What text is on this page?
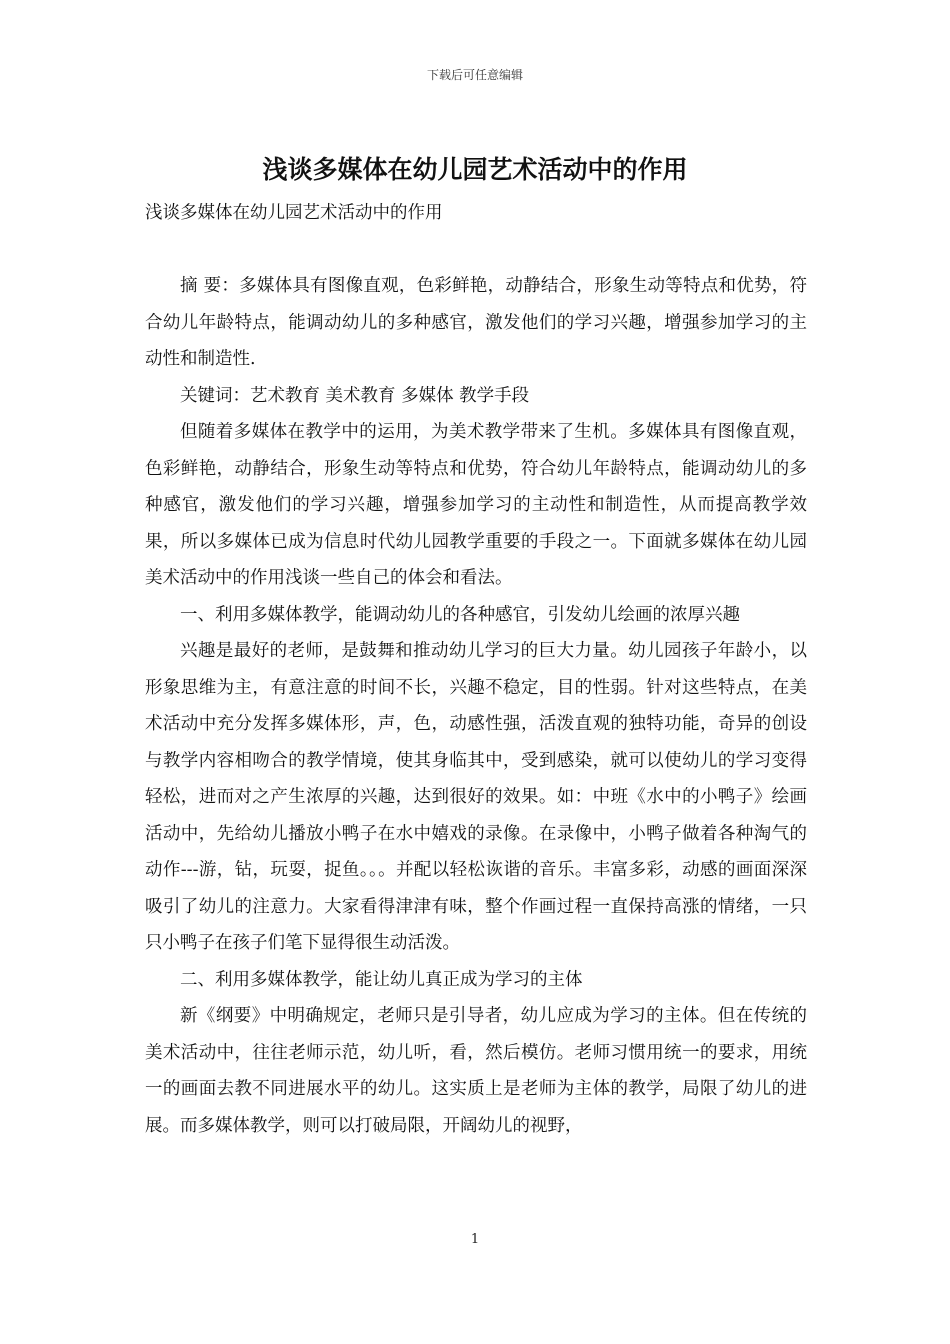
下载后可任意编辑
浅谈多媒体在幼儿园艺术活动中的作用

浅谈多媒体在幼儿园艺术活动中的作用

摘 要：多媒体具有图像直观，色彩鲜艳，动静结合，形象生动等特点和优势，符合幼儿年龄特点，能调动幼儿的多种感官，激发他们的学习兴趣，增强参加学习的主动性和制造性.

关键词：艺术教育 美术教育 多媒体 教学手段

但随着多媒体在教学中的运用，为美术教学带来了生机。多媒体具有图像直观，色彩鲜艳，动静结合，形象生动等特点和优势，符合幼儿年龄特点，能调动幼儿的多种感官，激发他们的学习兴趣，增强参加学习的主动性和制造性，从而提高教学效果，所以多媒体已成为信息时代幼儿园教学重要的手段之一。下面就多媒体在幼儿园美术活动中的作用浅谈一些自己的体会和看法。

一、利用多媒体教学，能调动幼儿的各种感官，引发幼儿绘画的浓厚兴趣

兴趣是最好的老师，是鼓舞和推动幼儿学习的巨大力量。幼儿园孩子年龄小，以形象思维为主，有意注意的时间不长，兴趣不稳定，目的性弱。针对这些特点，在美术活动中充分发挥多媒体形，声，色，动感性强，活泼直观的独特功能，奇异的创设与教学内容相吻合的教学情境，使其身临其中，受到感染，就可以使幼儿的学习变得轻松，进而对之产生浓厚的兴趣，达到很好的效果。如：中班《水中的小鸭子》绘画活动中，先给幼儿播放小鸭子在水中嬉戏的录像。在录像中，小鸭子做着各种淘气的动作---游，钻，玩耍，捉鱼。。。并配以轻松诙谐的音乐。丰富多彩，动感的画面深深吸引了幼儿的注意力。大家看得津津有味，整个作画过程一直保持高涨的情绪，一只只小鸭子在孩子们笔下显得很生动活泼。

二、利用多媒体教学，能让幼儿真正成为学习的主体

新《纲要》中明确规定，老师只是引导者，幼儿应成为学习的主体。但在传统的美术活动中，往往老师示范，幼儿听，看，然后模仿。老师习惯用统一的要求，用统一的画面去教不同进展水平的幼儿。这实质上是老师为主体的教学，局限了幼儿的进展。而多媒体教学，则可以打破局限，开阔幼儿的视野，

1
